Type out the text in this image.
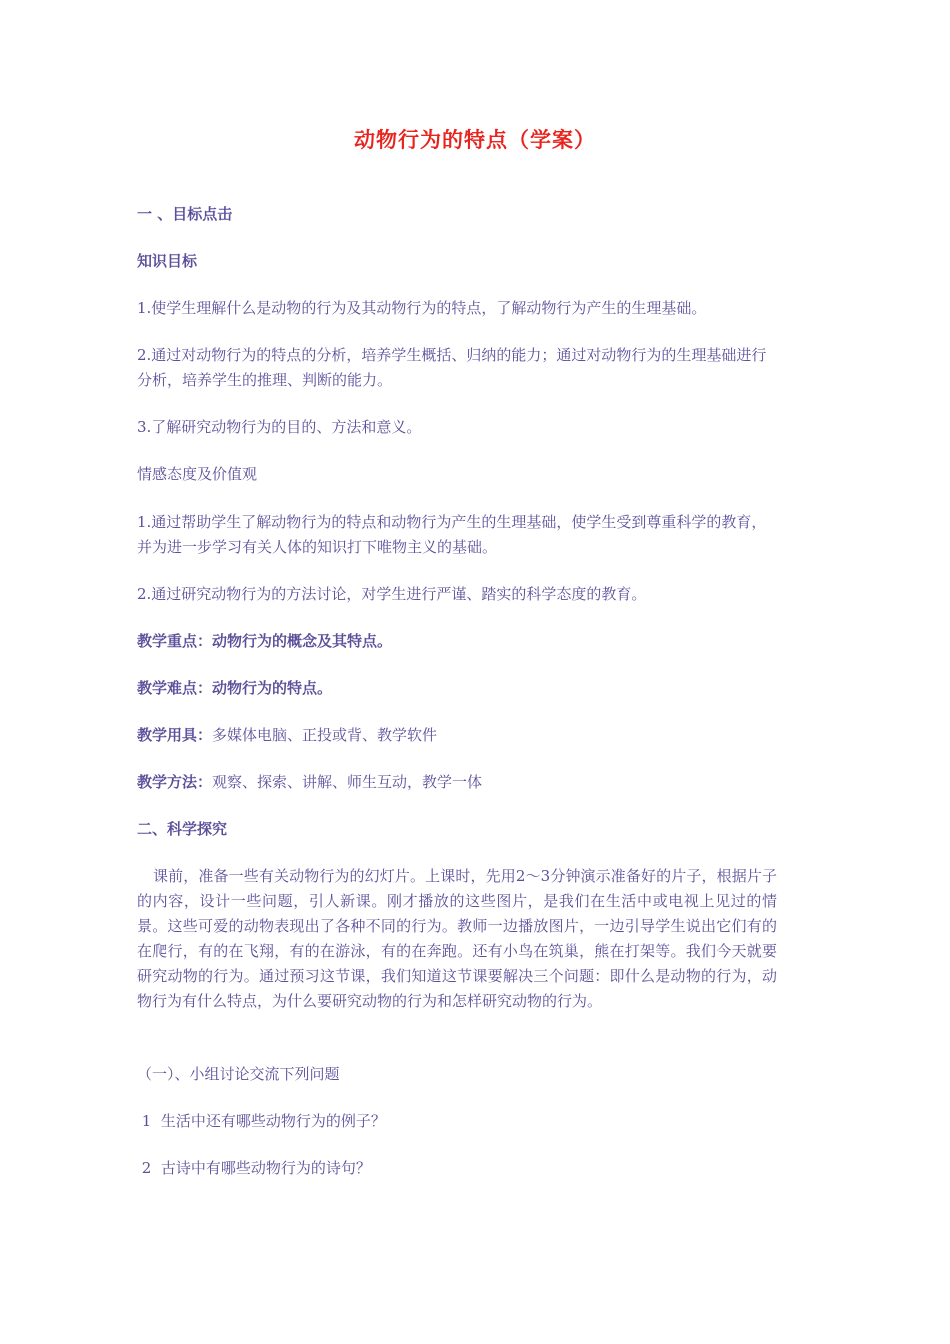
动物行为的特点（学案）

一 、目标点击

知识目标

1.使学生理解什么是动物的行为及其动物行为的特点，了解动物行为产生的生理基础。

2.通过对动物行为的特点的分析，培养学生概括、归纳的能力；通过对动物行为的生理基础进行分析，培养学生的推理、判断的能力。

3.了解研究动物行为的目的、方法和意义。

情感态度及价值观

1.通过帮助学生了解动物行为的特点和动物行为产生的生理基础，使学生受到尊重科学的教育，并为进一步学习有关人体的知识打下唯物主义的基础。

2.通过研究动物行为的方法讨论，对学生进行严谨、踏实的科学态度的教育。

教学重点：动物行为的概念及其特点。

教学难点：动物行为的特点。

教学用具：多媒体电脑、正投或背、教学软件

教学方法：观察、探索、讲解、师生互动，教学一体

二、科学探究

课前，准备一些有关动物行为的幻灯片。上课时，先用2～3分钟演示准备好的片子，根据片子的内容，设计一些问题，引人新课。刚才播放的这些图片，是我们在生活中或电视上见过的情景。这些可爱的动物表现出了各种不同的行为。教师一边播放图片，一边引导学生说出它们有的在爬行，有的在飞翔，有的在游泳，有的在奔跑。还有小鸟在筑巢，熊在打架等。我们今天就要研究动物的行为。通过预习这节课，我们知道这节课要解决三个问题：即什么是动物的行为，动物行为有什么特点，为什么要研究动物的行为和怎样研究动物的行为。

（一）、小组讨论交流下列问题

1  生活中还有哪些动物行为的例子？

2  古诗中有哪些动物行为的诗句？
